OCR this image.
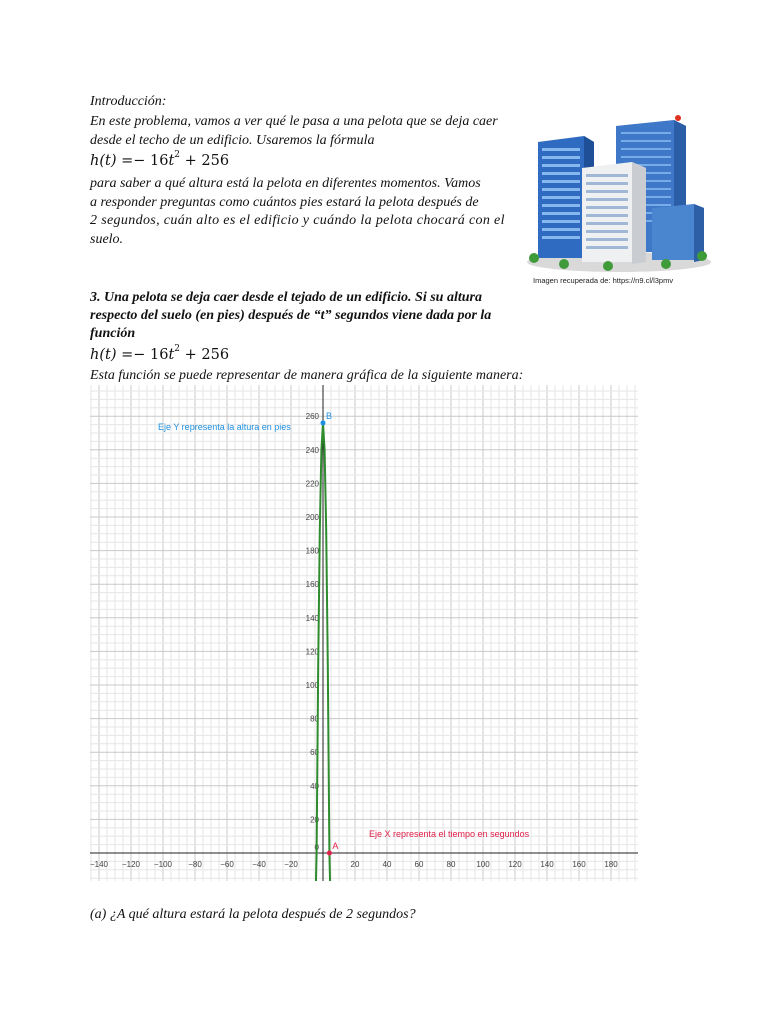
Introducción:
En este problema, vamos a ver qué le pasa a una pelota que se deja caer
desde el techo de un edificio. Usaremos la fórmula
$h(t) =- 16t^2 + 256$
para saber a qué altura está la pelota en diferentes momentos. Vamos
a responder preguntas como cuántos pies estará la pelota después de
2 segundos, cuán alto es el edificio y cuándo la pelota chocará con el
suelo.
Imagen recuperada de: https://n9.cl/l3pmv
3. Una pelota se deja caer desde el tejado de un edificio. Si su altura
respecto del suelo (en pies) después de “t” segundos viene dada por la
función
$h(t) =- 16t^2 + 256$
Esta función se puede representar de manera gráfica de la siguiente manera:
−140 −120 −100 −80 −60 −40 −20	20	40	60	80	100 120 140 160 180
20
40
60
80
100
120
140
160
180
200
220
240
260
0
B
A
Eje Y representa la altura en pies
Eje X representa el tiempo en segundos
(a) ¿A qué altura estará la pelota después de 2 segundos?
